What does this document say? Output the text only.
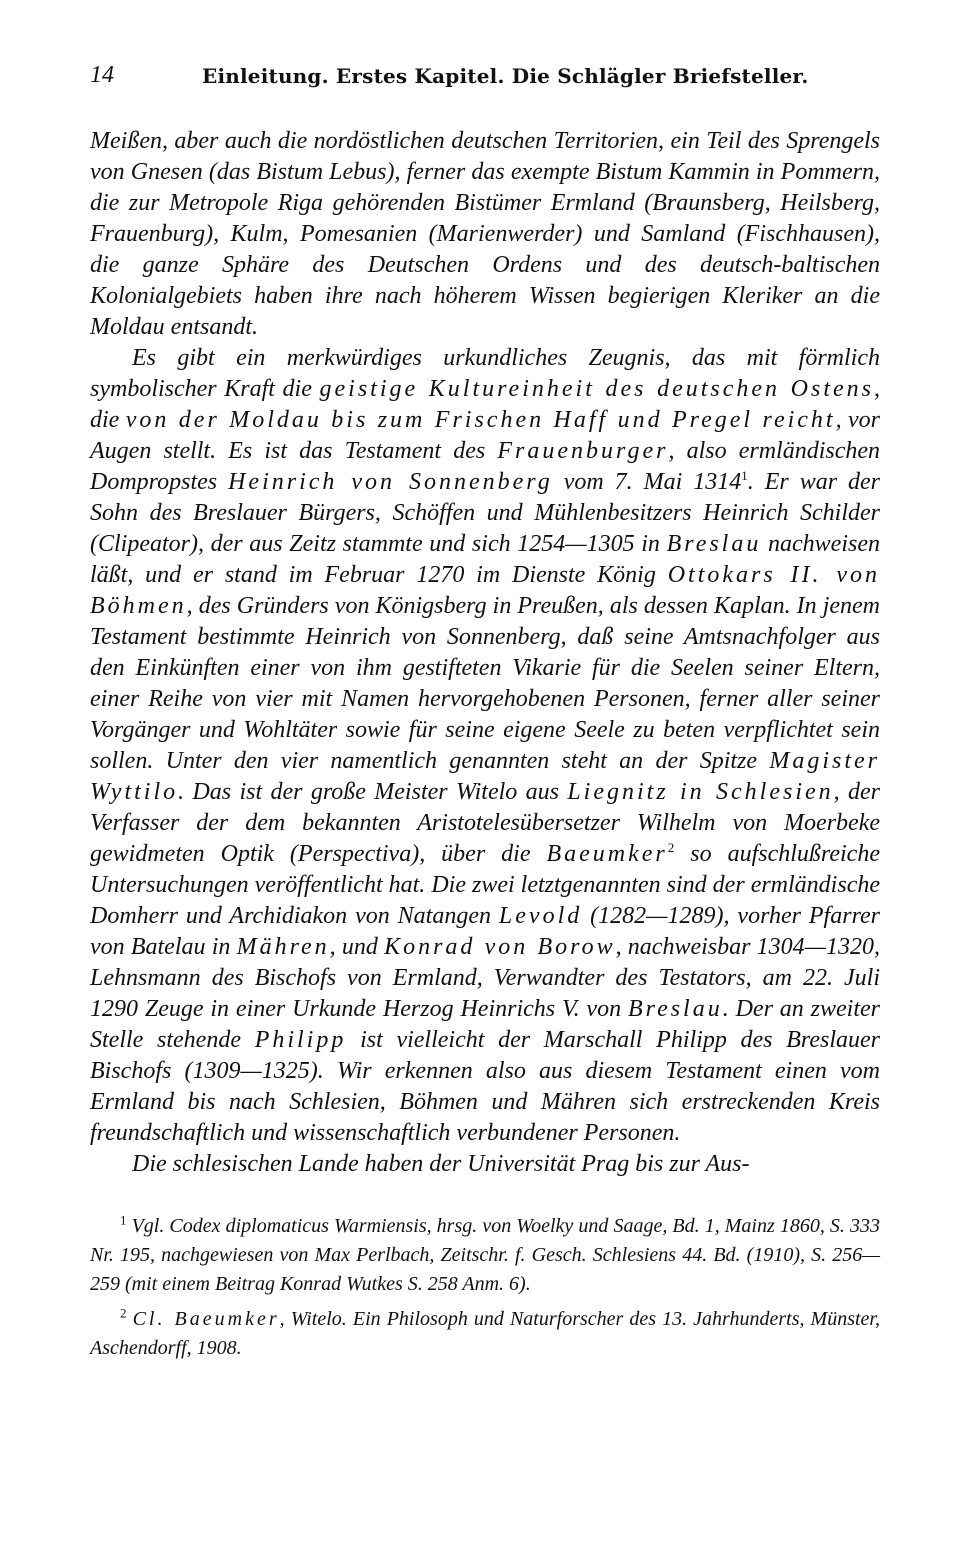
14	Einleitung. Erstes Kapitel. Die Schlägler Briefsteller.

Meißen, aber auch die nordöstlichen deutschen Territorien, ein Teil des Sprengels von Gnesen (das Bistum Lebus), ferner das exempte Bistum Kammin in Pommern, die zur Metropole Riga gehörenden Bistümer Ermland (Braunsberg, Heilsberg, Frauenburg), Kulm, Pomesanien (Marienwerder) und Samland (Fischhausen), die ganze Sphäre des Deutschen Ordens und des deutsch-baltischen Kolonialgebiets haben ihre nach höherem Wissen begierigen Kleriker an die Moldau entsandt.

Es gibt ein merkwürdiges urkundliches Zeugnis, das mit förmlich symbolischer Kraft die geistige Kultureinheit des deutschen Ostens, die von der Moldau bis zum Frischen Haff und Pregel reicht, vor Augen stellt. Es ist das Testament des Frauenburger, also ermländischen Dompropstes Heinrich von Sonnenberg vom 7. Mai 1314$^1$. Er war der Sohn des Breslauer Bürgers, Schöffen und Mühlenbesitzers Heinrich Schilder (Clipeator), der aus Zeitz stammte und sich 1254—1305 in Breslau nachweisen läßt, und er stand im Februar 1270 im Dienste König Ottokars II. von Böhmen, des Gründers von Königsberg in Preußen, als dessen Kaplan. In jenem Testament bestimmte Heinrich von Sonnenberg, daß seine Amtsnachfolger aus den Einkünften einer von ihm gestifteten Vikarie für die Seelen seiner Eltern, einer Reihe von vier mit Namen hervorgehobenen Personen, ferner aller seiner Vorgänger und Wohltäter sowie für seine eigene Seele zu beten verpflichtet sein sollen. Unter den vier namentlich genannten steht an der Spitze Magister Wyttilo. Das ist der große Meister Witelo aus Liegnitz in Schlesien, der Verfasser der dem bekannten Aristotelesübersetzer Wilhelm von Moerbeke gewidmeten Optik (Perspectiva), über die Baeumker$^2$ so aufschlußreiche Untersuchungen veröffentlicht hat. Die zwei letztgenannten sind der ermländische Domherr und Archidiakon von Natangen Levold (1282—1289), vorher Pfarrer von Batelau in Mähren, und Konrad von Borow, nachweisbar 1304—1320, Lehnsmann des Bischofs von Ermland, Verwandter des Testators, am 22. Juli 1290 Zeuge in einer Urkunde Herzog Heinrichs V. von Breslau. Der an zweiter Stelle stehende Philipp ist vielleicht der Marschall Philipp des Breslauer Bischofs (1309—1325). Wir erkennen also aus diesem Testament einen vom Ermland bis nach Schlesien, Böhmen und Mähren sich erstreckenden Kreis freundschaftlich und wissenschaftlich verbundener Personen.

Die schlesischen Lande haben der Universität Prag bis zur Aus-

$^1$ Vgl. Codex diplomaticus Warmiensis, hrsg. von Woelky und Saage, Bd. 1, Mainz 1860, S. 333 Nr. 195, nachgewiesen von Max Perlbach, Zeitschr. f. Gesch. Schlesiens 44. Bd. (1910), S. 256—259 (mit einem Beitrag Konrad Wutkes S. 258 Anm. 6).

$^2$ Cl. Baeumker, Witelo. Ein Philosoph und Naturforscher des 13. Jahrhunderts, Münster, Aschendorff, 1908.
